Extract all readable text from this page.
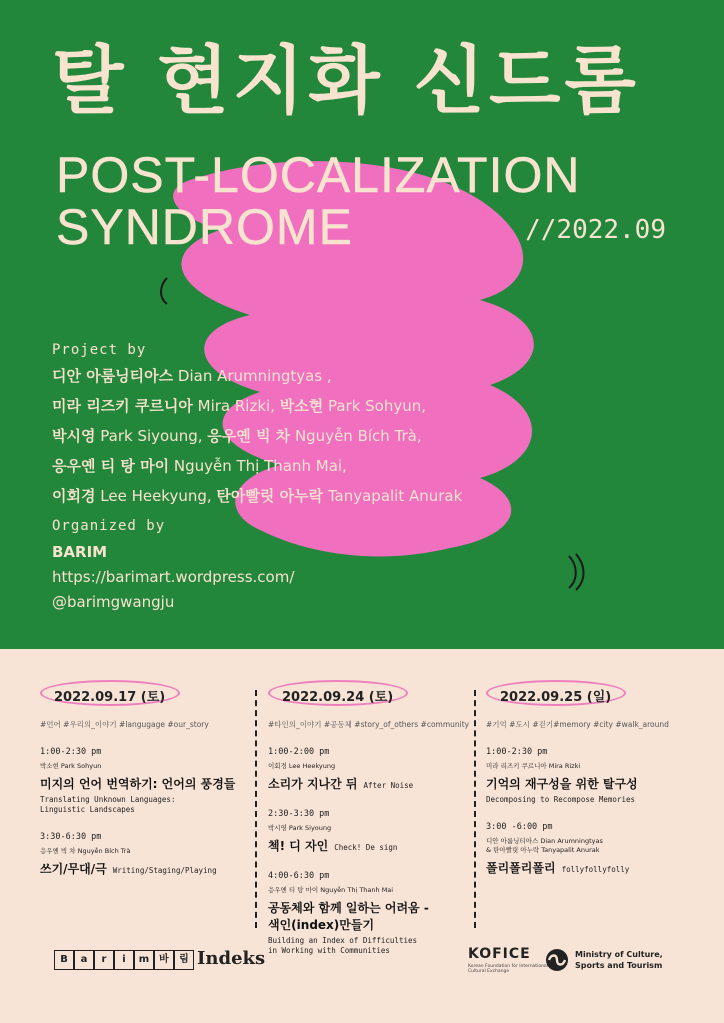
탈 현지화 신드롬
POST-LOCALIZATION
SYNDROME	//2022.09
Project by
디안 아룸닝티아스 Dian Arumningtyas ,
미라 리즈키 쿠르니아 Mira Rizki, 박소현 Park Sohyun,
박시영 Park Siyoung, 응우옌 빅 차 Nguyễn Bích Trà,
응우옌 티 탕 마이 Nguyễn Thị Thanh Mai,
이회경 Lee Heekyung, 탄아빨릿 아누락 Tanyapalit Anurak
Organized by
BARIM
https://barimart.wordpress.com/
@barimgwangju
2022.09.17 (토)
#언어 #우리의_이야기 #langugage #our_story
1:00-2:30 pm
박소현 Park Sohyun
미지의 언어 번역하기: 언어의 풍경들
Translating Unknown Languages:
Linguistic Landscapes
3:30-6:30 pm
응우옌 빅 차 Nguyễn Bích Trà
쓰기/무대/극 Writing/Staging/Playing
2022.09.24 (토)
#타인의_이야기 #공동체 #story_of_others #community
1:00-2:00 pm
이회경 Lee Heekyung
소리가 지나간 뒤 After Noise
2:30-3:30 pm
박시영 Park Siyoung
첵! 디 자인 Check! De sign
4:00-6:30 pm
응우옌 티 탕 마이 Nguyễn Thị Thanh Mai
공동체와 함께 일하는 어려움 -
색인(index)만들기
Building an Index of Difficulties
in Working with Communities
2022.09.25 (일)
#기억 #도시 #걷기#memory #city #walk_around
1:00-2:30 pm
미라 리즈키 쿠르니아 Mira Rizki
기억의 재구성을 위한 탈구성
Decomposing to Recompose Memories
3:00 -6:00 pm
디안 아룸닝티아스 Dian Arumningtyas
& 탄아빨릿 아누락 Tanyapalit Anurak
폴리폴리폴리 follyfollyfolly
B	a	r	i	m 바	림 Indeks	KOFICE
Korean Foundation for International Cultural Exchange
Ministry of Culture, Sports and Tourism
